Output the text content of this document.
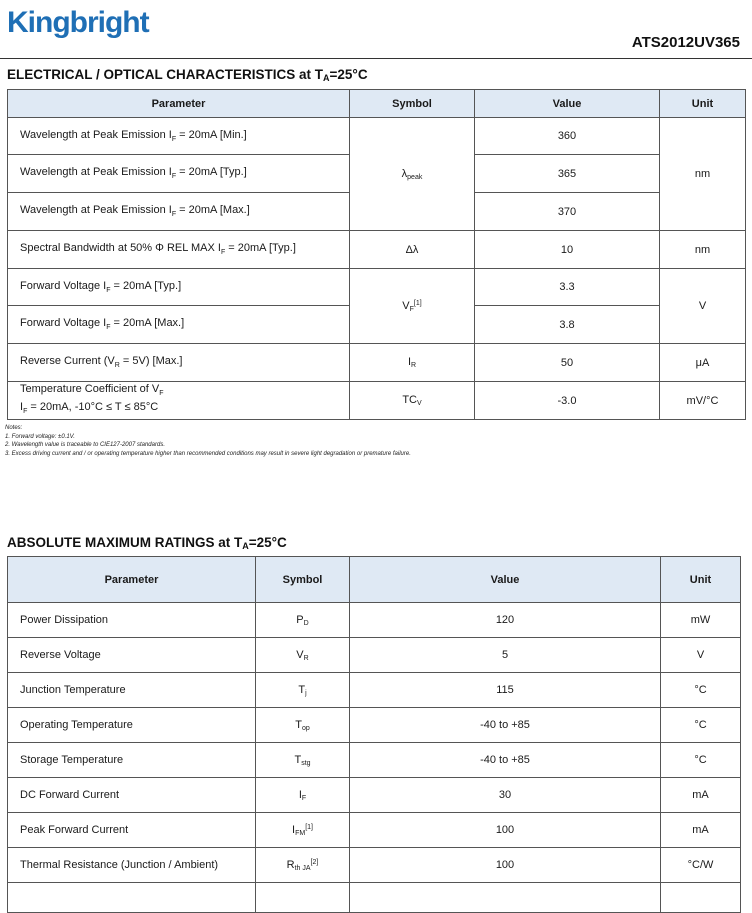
Kingbright
ATS2012UV365
ELECTRICAL / OPTICAL CHARACTERISTICS at $T_A=25^\circ C$
Parameter	Symbol	Value	Unit
Wavelength at Peak Emission $I_F = 20mA$ [Min.]	λpeak	360	nm
Wavelength at Peak Emission $I_F = 20mA$ [Typ.]		365	
Wavelength at Peak Emission $I_F = 20mA$ [Max.]		370	
Spectral Bandwidth at 50% Φ REL MAX $I_F = 20mA$ [Typ.]	Δλ	10	nm
Forward Voltage $I_F = 20mA$ [Typ.]	VF[1]	3.3	V
Forward Voltage $I_F = 20mA$ [Max.]		3.8	
Reverse Current $(V_R = 5V)$ [Max.]	IR	50	μA
Temperature Coefficient of $V_F$
$I_F = 20mA$, -10°C ≤ T ≤ 85°C	TCV	-3.0	mV/°C
Notes:
1. Forward voltage: ±0.1V.
2. Wavelength value is traceable to CIE127-2007 standards.
3. Excess driving current and / or operating temperature higher than recommended conditions may result in severe light degradation or premature failure.
ABSOLUTE MAXIMUM RATINGS at $T_A=25^\circ C$
Parameter	Symbol	Value	Unit
Power Dissipation	PD	120	mW
Reverse Voltage	VR	5	V
Junction Temperature	Tj	115	°C
Operating Temperature	Top	-40 to +85	°C
Storage Temperature	Tstg	-40 to +85	°C
DC Forward Current	IF	30	mA
Peak Forward Current	IFM[1]	100	mA
Thermal Resistance (Junction / Ambient)	Rth JA[2]	100	°C/W
